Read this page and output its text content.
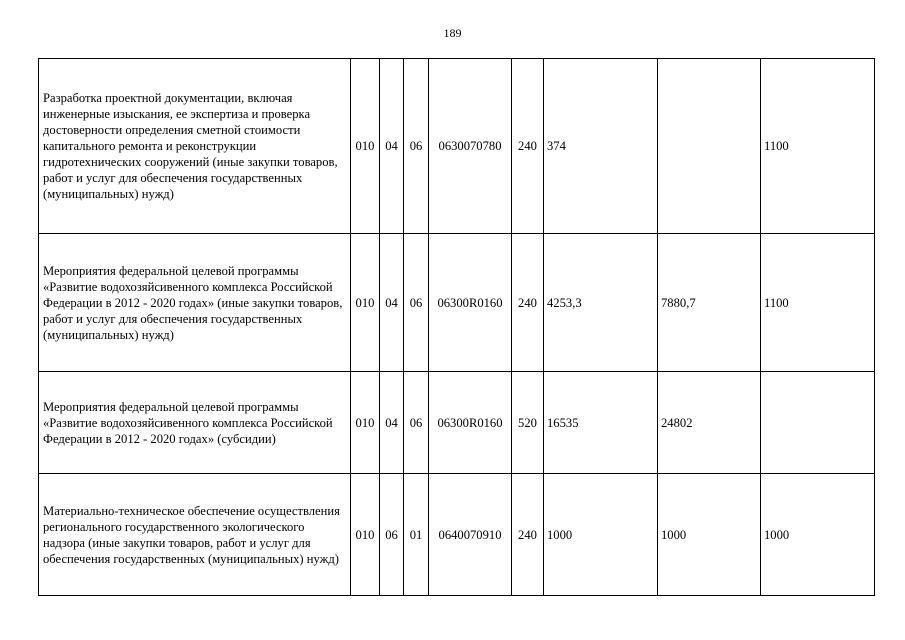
189
Разработка проектной документации, включая инженерные изыскания, ее экспертиза и проверка достоверности определения сметной стоимости капитального ремонта и реконструкции гидротехнических сооружений (иные закупки товаров, работ и услуг для обеспечения государственных (муниципальных) нужд)	010	04	06	0630070780	240	374		1100
Мероприятия федеральной целевой программы «Развитие водохозяйсивенного комплекса Российской Федерации в 2012 - 2020 годах» (иные закупки товаров, работ и услуг для обеспечения государственных (муниципальных) нужд)	010	04	06	06300R0160	240	4253,3	7880,7	1100
Мероприятия федеральной целевой программы «Развитие водохозяйсивенного комплекса Российской Федерации в 2012 - 2020 годах» (субсидии)	010	04	06	06300R0160	520	16535	24802	
Материально-техническое обеспечение осуществления регионального государственного экологического надзора (иные закупки товаров, работ и услуг для обеспечения государственных (муниципальных) нужд)	010	06	01	0640070910	240	1000	1000	1000
